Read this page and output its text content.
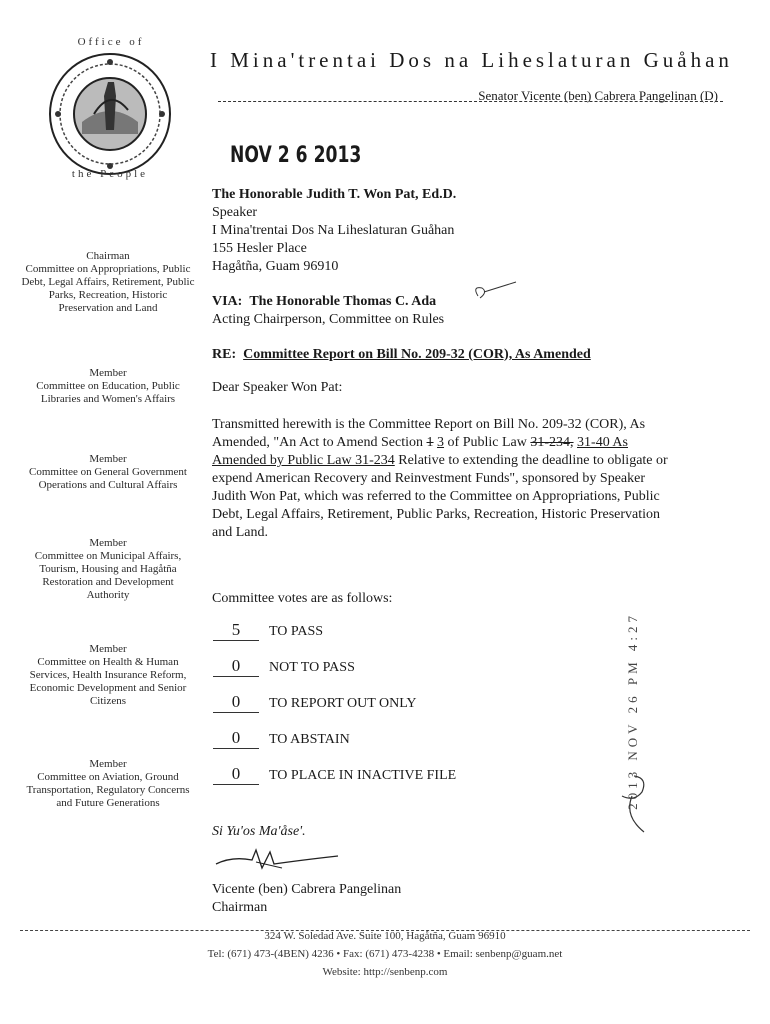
Office of
the People
I Mina'trentai Dos na Liheslaturan Guåhan
Senator Vicente (ben) Cabrera Pangelinan (D)
NOV 2 6 2013

Chairman

Committee on Appropriations, Public Debt, Legal Affairs, Retirement, Public Parks, Recreation, Historic Preservation and Land

Member

Committee on Education, Public Libraries and Women's Affairs

Member

Committee on General Government Operations and Cultural Affairs

Member

Committee on Municipal Affairs, Tourism, Housing and Hagåtña Restoration and Development Authority

Member

Committee on Health & Human Services, Health Insurance Reform, Economic Development and Senior Citizens

Member

Committee on Aviation, Ground Transportation, Regulatory Concerns and Future Generations

The Honorable Judith T. Won Pat, Ed.D.
Speaker
I Mina'trentai Dos Na Liheslaturan Guåhan
155 Hesler Place
Hagåtña, Guam 96910
VIA: The Honorable Thomas C. Ada
Acting Chairperson, Committee on Rules
RE: Committee Report on Bill No. 209-32 (COR), As Amended
Dear Speaker Won Pat:
Transmitted herewith is the Committee Report on Bill No. 209-32 (COR), As Amended, "An Act to Amend Section 1 3 of Public Law 31-234, 31-40 As Amended by Public Law 31-234 Relative to extending the deadline to obligate or expend American Recovery and Reinvestment Funds", sponsored by Speaker Judith Won Pat, which was referred to the Committee on Appropriations, Public Debt, Legal Affairs, Retirement, Public Parks, Recreation, Historic Preservation and Land.
Committee votes are as follows:
5 TO PASS
0 NOT TO PASS
0 TO REPORT OUT ONLY
0 TO ABSTAIN
0 TO PLACE IN INACTIVE FILE	2013 NOV 26 PM 4:27
Si Yu'os Ma'åse'.
Vicente (ben) Cabrera Pangelinan
Chairman
324 W. Soledad Ave. Suite 100, Hagåtña, Guam 96910
Tel: (671) 473-(4BEN) 4236 • Fax: (671) 473-4238 • Email: senbenp@guam.net
Website: http://senbenp.com
